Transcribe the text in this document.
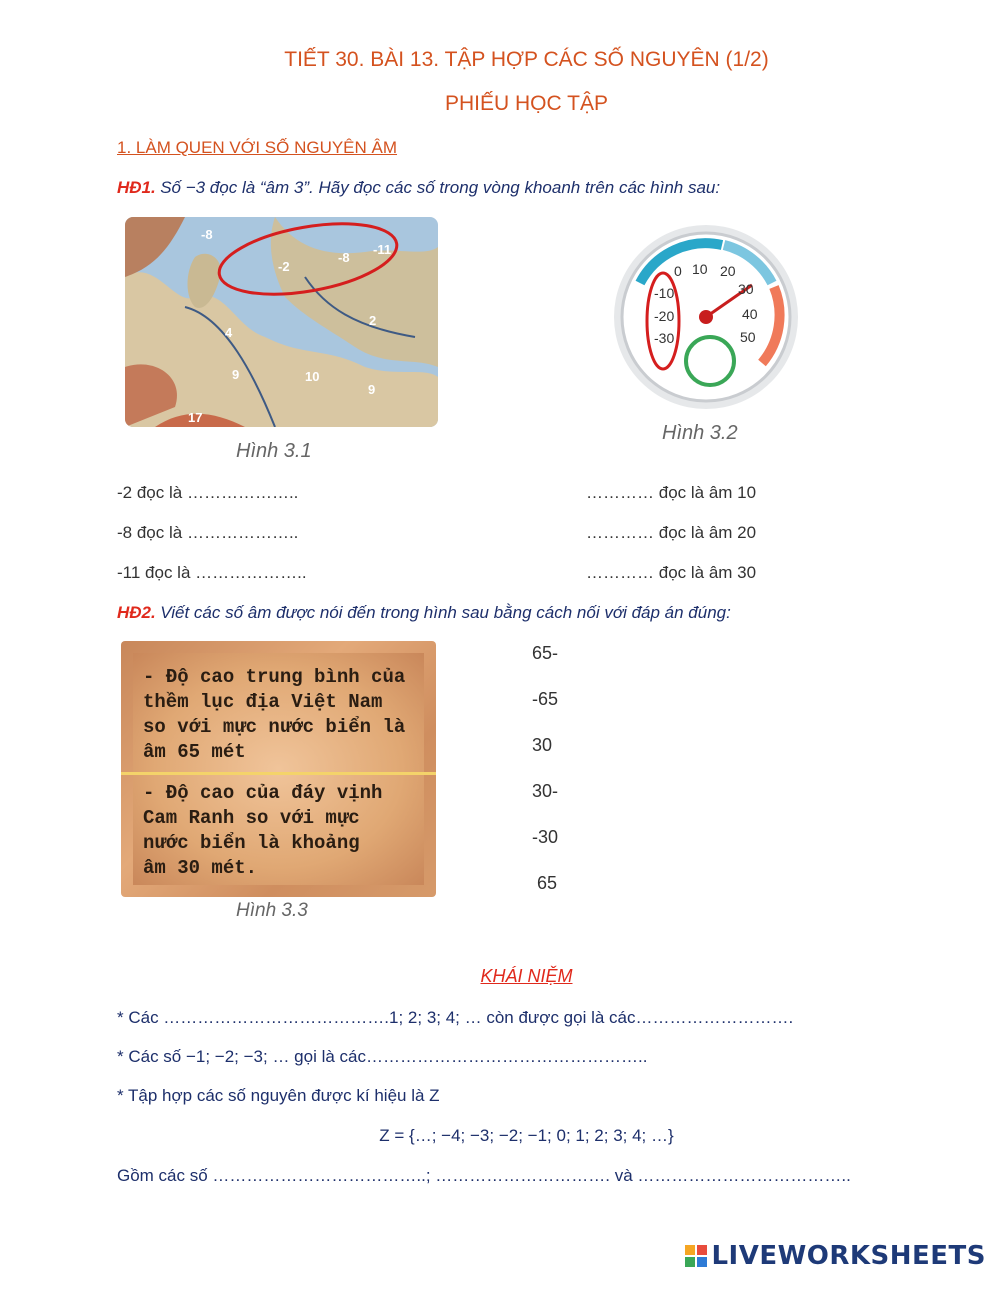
TIẾT 30. BÀI 13. TẬP HỢP CÁC SỐ NGUYÊN (1/2)
PHIẾU HỌC TẬP
1. LÀM QUEN VỚI SỐ NGUYÊN ÂM
HĐ1. Số −3 đọc là “âm 3”. Hãy đọc các số trong vòng khoanh trên các hình sau:
-8
-2
-8
-11
4
2
9	10
9
17
Hình 3.1
-10
-20
-30
0 10 20
30
40
50
Hình 3.2
-2 đọc là ………………..
-8 đọc là ………………..
-11 đọc là ………………..
………… đọc là âm 10
………… đọc là âm 20
………… đọc là âm 30
HĐ2. Viết các số âm được nói đến trong hình sau bằng cách nối với đáp án đúng:
- Độ cao trung bình của
thềm lục địa Việt Nam
so với mực nước biển là
âm 65 mét
- Độ cao của đáy vịnh
Cam Ranh so với mực
nước biển là khoảng
âm 30 mét.
Hình 3.3
65-
-65
30
30-
-30
65
KHÁI NIỆM
* Các ………………………………….1; 2; 3; 4; … còn được gọi là các……………………….
* Các số −1; −2; −3; … gọi là các…………………………………………..
* Tập hợp các số nguyên được kí hiệu là Z
Z = {…; −4; −3; −2; −1; 0; 1; 2; 3; 4; …}
Gồm các số ………………………………..; …………………………. và ………………………………..
LIVEWORKSHEETS
